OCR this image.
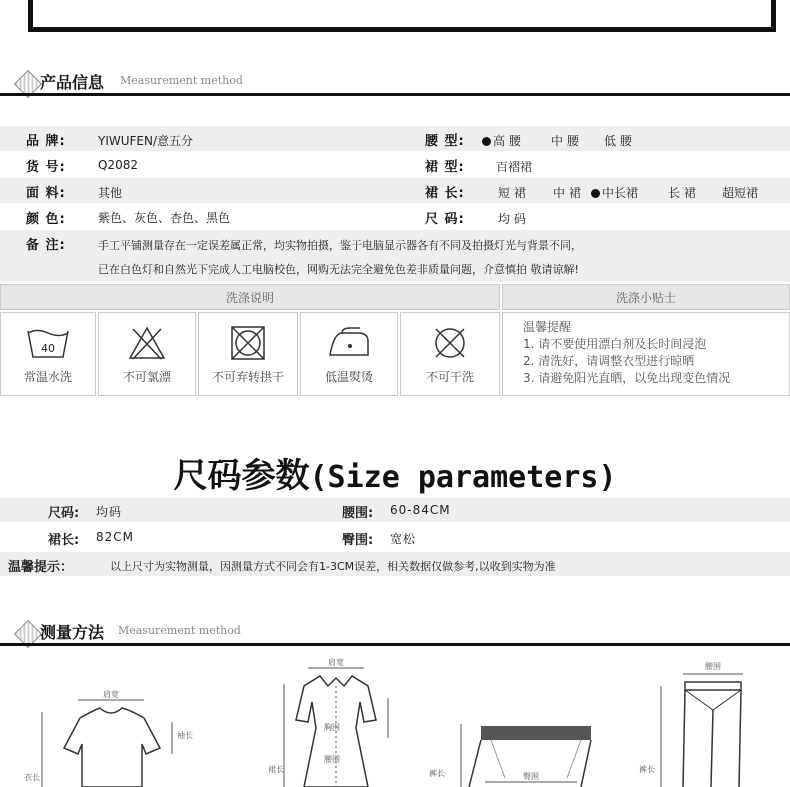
产品信息 Measurement method
品 牌:	YIWUFEN/意五分	腰 型:	高 腰	中 腰 低 腰
货 号:	Q2082	裙 型:	百褶裙
面 料:	其他	裙 长:	短 裙 中 裙	中长裙 长 裙 超短裙
颜 色:	紫色、灰色、杏色、黑色	尺 码:	均 码
备 注:	手工平铺测量存在一定误差属正常，均实物拍摄，鉴于电脑显示器各有不同及拍摄灯光与背景不同，
已在白色灯和自然光下完成人工电脑校色，网购无法完全避免色差非质量问题，介意慎拍 敬请谅解!
洗涤说明	洗涤小贴士
40
常温水洗	不可氯漂	不可弃转拱干	低温熨烫	不可干洗
温馨提醒
1. 请不要使用漂白剂及长时间浸泡
2. 清洗好，请调整衣型进行晾晒
3. 请避免阳光直晒，以免出现变色情况
尺码参数(Size parameters)
尺码: 均码	腰围: 60-84CM
裙长: 82CM	臀围: 宽松
温馨提示：	以上尺寸为实物测量，因测量方式不同会有1-3CM误差，相关数据仅做参考,以收到实物为准
测量方法 Measurement method
肩宽
衣长
袖长
肩宽
胸围
腰围
裙长	裤长	臀围
腰围
裤长
